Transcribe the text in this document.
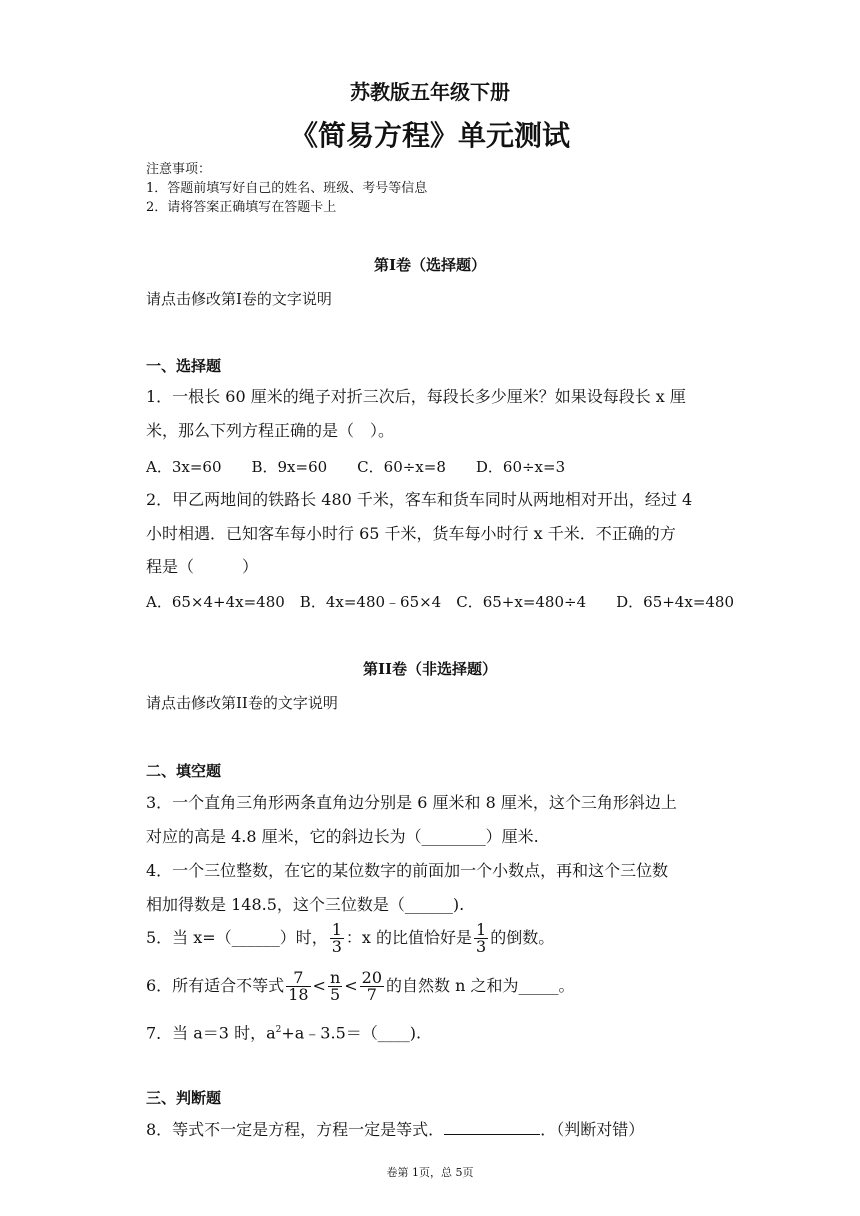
苏教版五年级下册
《简易方程》单元测试
注意事项：
1．答题前填写好自己的姓名、班级、考号等信息
2．请将答案正确填写在答题卡上
第Ⅰ卷（选择题）
请点击修改第Ⅰ卷的文字说明
一、选择题
1．一根长 60 厘米的绳子对折三次后，每段长多少厘米？如果设每段长 x 厘
米，那么下列方程正确的是（　）。
A．3x=60　　B．9x=60　　C．60÷x=8　　D．60÷x=3
2．甲乙两地间的铁路长 480 千米，客车和货车同时从两地相对开出，经过 4
小时相遇．已知客车每小时行 65 千米，货车每小时行 x 千米．不正确的方
程是（　　　）
A．65×4+4x=480　B．4x=480﹣65×4　C．65+x=480÷4　　D．65+4x=480
第II卷（非选择题）
请点击修改第II卷的文字说明
二、填空题
3．一个直角三角形两条直角边分别是 6 厘米和 8 厘米，这个三角形斜边上
对应的高是 4.8 厘米，它的斜边长为（________）厘米.
4．一个三位整数，在它的某位数字的前面加一个小数点，再和这个三位数
相加得数是 148.5，这个三位数是（______).
5．当 x=（______）时， $\frac{1}{3}$ ：x 的比值恰好是 $\frac{1}{3}$ 的倒数。
6．所有适合不等式 $\frac{7}{18} < \frac{n}{5} < \frac{20}{7}$ 的自然数 n 之和为_____。
7．当 a＝3 时，$a^2+a﹣3.5=(\_\_\_\_)$.
三、判断题
8．等式不一定是方程，方程一定是等式．	．（判断对错）
卷第 1页，总 5页
